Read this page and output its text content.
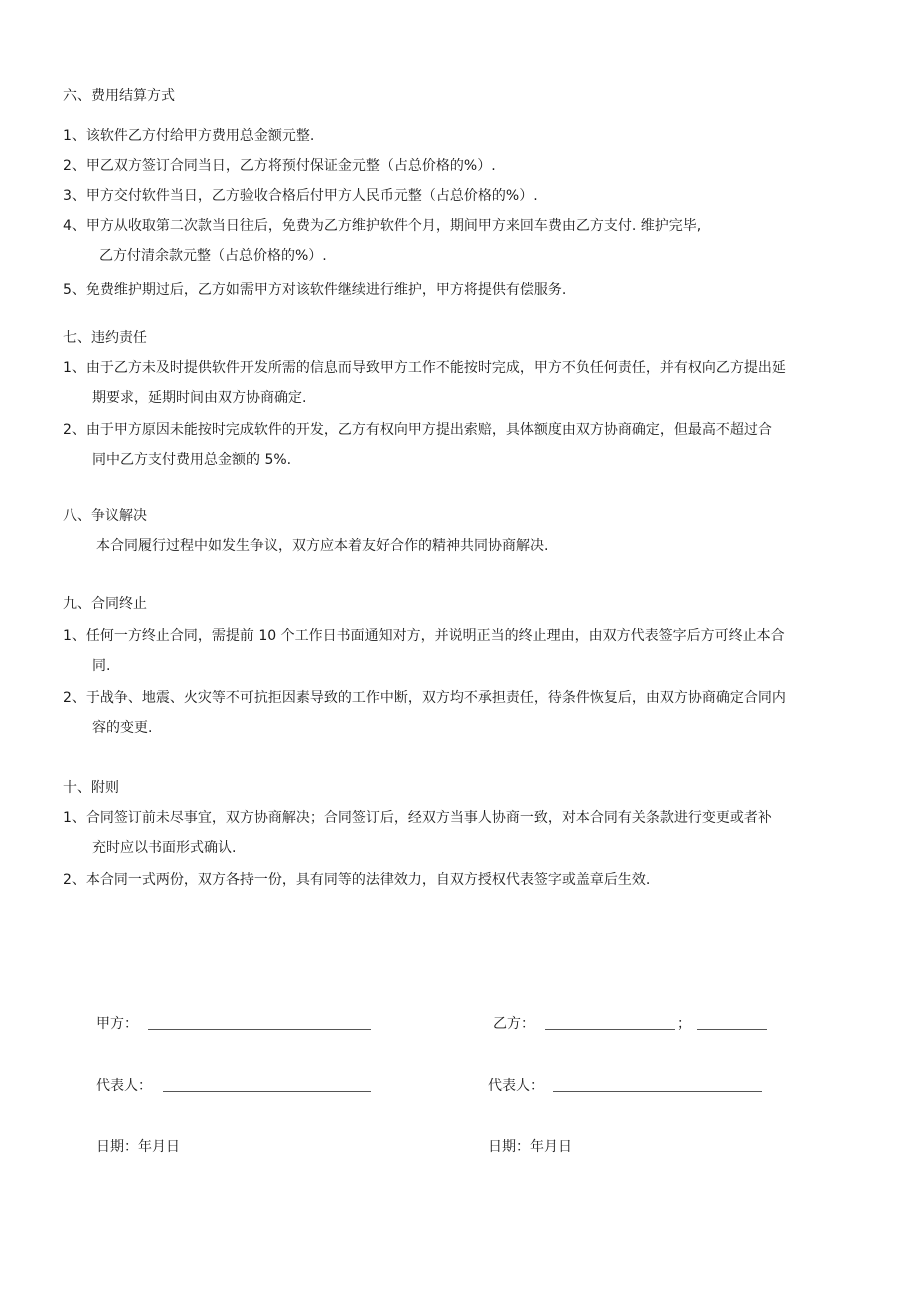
六、费用结算方式
1、该软件乙方付给甲方费用总金额元整.
2、甲乙双方签订合同当日，乙方将预付保证金元整（占总价格的%）.
3、甲方交付软件当日，乙方验收合格后付甲方人民币元整（占总价格的%）.
4、甲方从收取第二次款当日往后，免费为乙方维护软件个月，期间甲方来回车费由乙方支付. 维护完毕,
乙方付清余款元整（占总价格的%）.
5、免费维护期过后，乙方如需甲方对该软件继续进行维护，甲方将提供有偿服务.
七、违约责任
1、由于乙方未及时提供软件开发所需的信息而导致甲方工作不能按时完成，甲方不负任何责任，并有权向乙方提出延
期要求，延期时间由双方协商确定.
2、由于甲方原因未能按时完成软件的开发，乙方有权向甲方提出索赔，具体额度由双方协商确定，但最高不超过合
同中乙方支付费用总金额的 5%.
八、争议解决
本合同履行过程中如发生争议，双方应本着友好合作的精神共同协商解决.
九、合同终止
1、任何一方终止合同，需提前 10 个工作日书面通知对方，并说明正当的终止理由，由双方代表签字后方可终止本合
同.
2、于战争、地震、火灾等不可抗拒因素导致的工作中断，双方均不承担责任，待条件恢复后，由双方协商确定合同内
容的变更.
十、附则
1、合同签订前未尽事宜，双方协商解决；合同签订后，经双方当事人协商一致，对本合同有关条款进行变更或者补
充时应以书面形式确认.
2、本合同一式两份，双方各持一份，具有同等的法律效力，自双方授权代表签字或盖章后生效.
甲方：
代表人：
日期：年月日
乙方：	；
代表人：
日期：年月日
